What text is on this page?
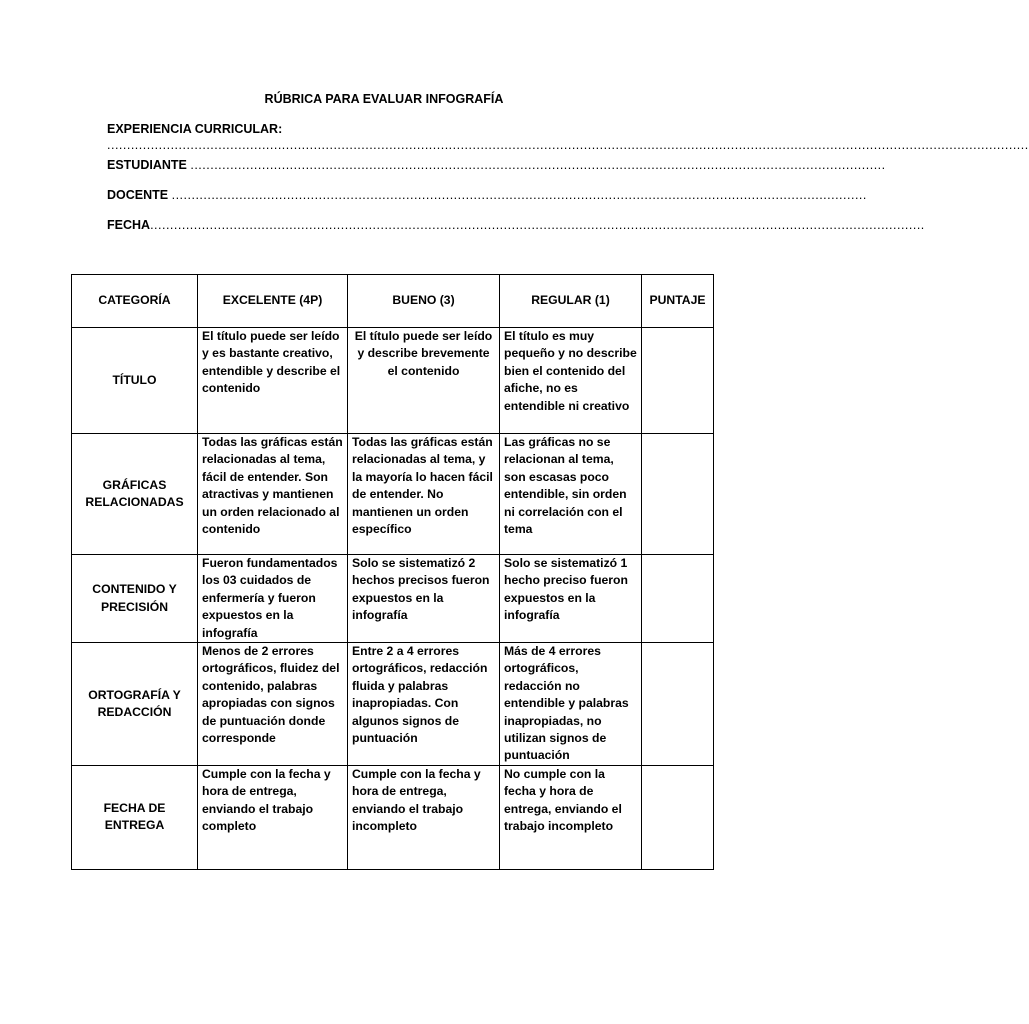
RÚBRICA PARA EVALUAR INFOGRAFÍA
EXPERIENCIA CURRICULAR:
........................................................................................................................................................................................................................................
ESTUDIANTE ...............................................................................................................................................................................
DOCENTE ...............................................................................................................................................................................
FECHA...................................................................................................................................................................................................
CATEGORÍA	EXCELENTE (4P)	BUENO (3)	REGULAR (1)	PUNTAJE
TÍTULO	El título puede ser leído y es bastante creativo, entendible y describe el contenido	El título puede ser leído y describe brevemente el contenido	El título es muy pequeño y no describe bien el contenido del afiche, no es entendible ni creativo	
GRÁFICAS RELACIONADAS	Todas las gráficas están relacionadas al tema, fácil de entender. Son atractivas y mantienen un orden relacionado al contenido	Todas las gráficas están relacionadas al tema, y la mayoría lo hacen fácil de entender. No mantienen un orden específico	Las gráficas no se relacionan al tema, son escasas poco entendible, sin orden ni correlación con el tema	
CONTENIDO Y PRECISIÓN	Fueron fundamentados los 03 cuidados de enfermería y fueron expuestos en la infografía	Solo se sistematizó 2 hechos precisos fueron expuestos en la infografía	Solo se sistematizó 1 hecho preciso fueron expuestos en la infografía	
ORTOGRAFÍA Y REDACCIÓN	Menos de 2 errores ortográficos, fluidez del contenido, palabras apropiadas con signos de puntuación donde corresponde	Entre 2 a 4 errores ortográficos, redacción fluida y palabras inapropiadas. Con algunos signos de puntuación	Más de 4 errores ortográficos, redacción no entendible y palabras inapropiadas, no utilizan signos de puntuación	
FECHA DE ENTREGA	Cumple con la fecha y hora de entrega, enviando el trabajo completo	Cumple con la fecha y hora de entrega, enviando el trabajo incompleto	No cumple con la fecha y hora de entrega, enviando el trabajo incompleto	
